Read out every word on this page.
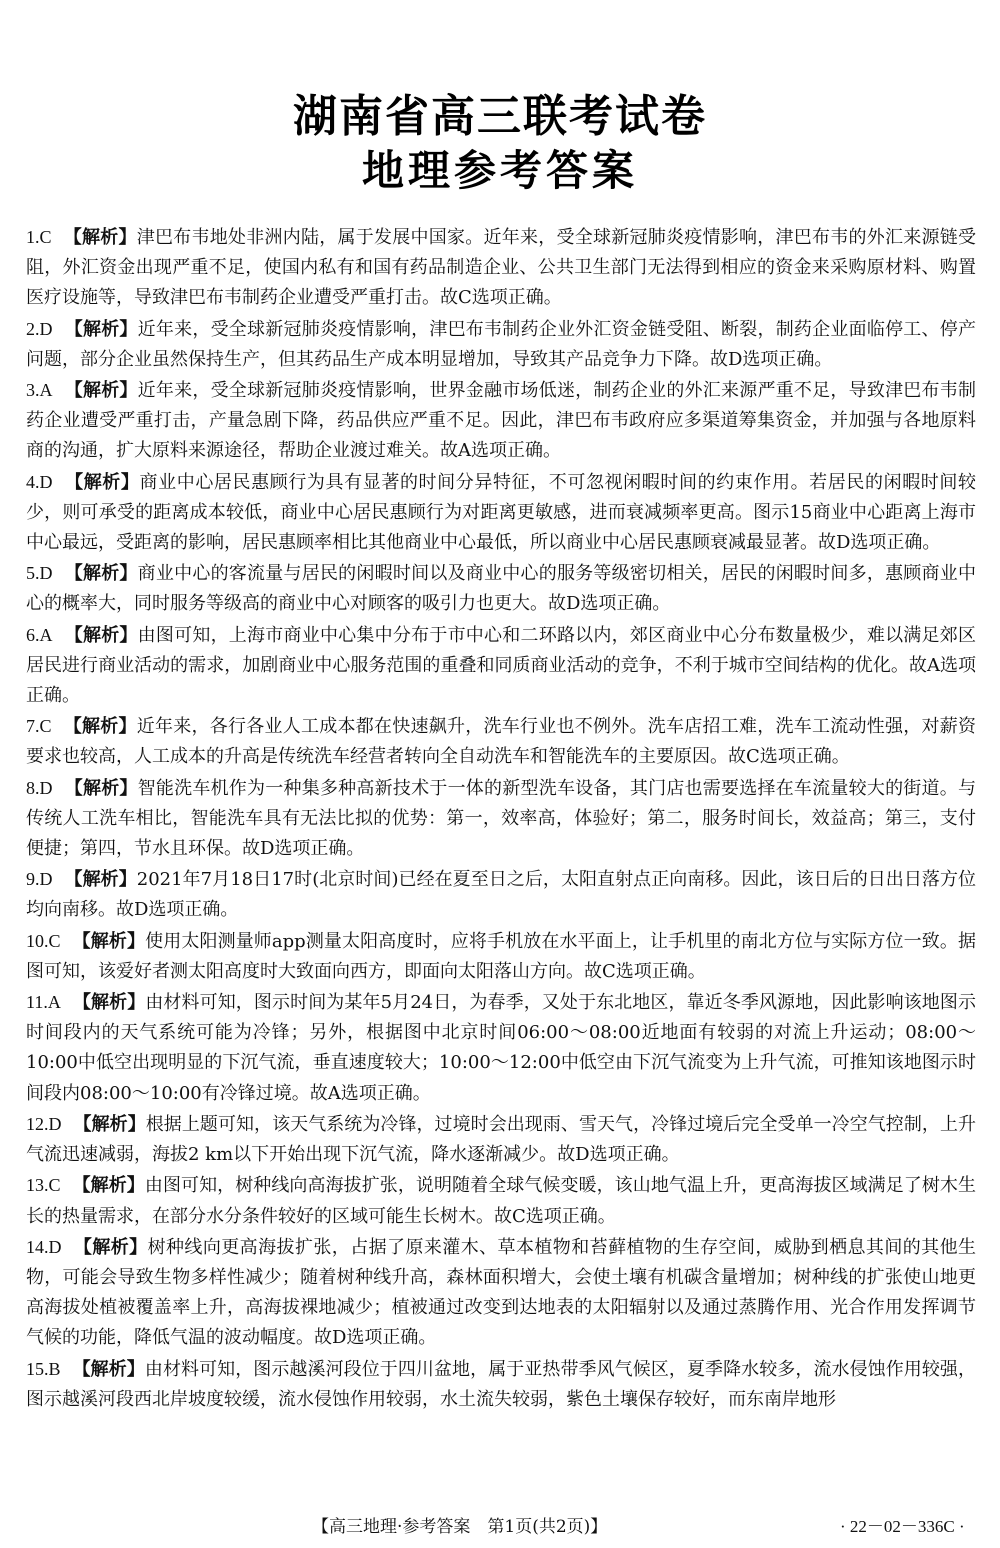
湖南省高三联考试卷
地理参考答案

1.C 【解析】津巴布韦地处非洲内陆，属于发展中国家。近年来，受全球新冠肺炎疫情影响，津巴布韦的外汇来源链受阻，外汇资金出现严重不足，使国内私有和国有药品制造企业、公共卫生部门无法得到相应的资金来采购原材料、购置医疗设施等，导致津巴布韦制药企业遭受严重打击。故C选项正确。

2.D 【解析】近年来，受全球新冠肺炎疫情影响，津巴布韦制药企业外汇资金链受阻、断裂，制药企业面临停工、停产问题，部分企业虽然保持生产，但其药品生产成本明显增加，导致其产品竞争力下降。故D选项正确。

3.A 【解析】近年来，受全球新冠肺炎疫情影响，世界金融市场低迷，制药企业的外汇来源严重不足，导致津巴布韦制药企业遭受严重打击，产量急剧下降，药品供应严重不足。因此，津巴布韦政府应多渠道筹集资金，并加强与各地原料商的沟通，扩大原料来源途径，帮助企业渡过难关。故A选项正确。

4.D 【解析】商业中心居民惠顾行为具有显著的时间分异特征，不可忽视闲暇时间的约束作用。若居民的闲暇时间较少，则可承受的距离成本较低，商业中心居民惠顾行为对距离更敏感，进而衰减频率更高。图示15商业中心距离上海市中心最远，受距离的影响，居民惠顾率相比其他商业中心最低，所以商业中心居民惠顾衰减最显著。故D选项正确。

5.D 【解析】商业中心的客流量与居民的闲暇时间以及商业中心的服务等级密切相关，居民的闲暇时间多，惠顾商业中心的概率大，同时服务等级高的商业中心对顾客的吸引力也更大。故D选项正确。

6.A 【解析】由图可知，上海市商业中心集中分布于市中心和二环路以内，郊区商业中心分布数量极少，难以满足郊区居民进行商业活动的需求，加剧商业中心服务范围的重叠和同质商业活动的竞争，不利于城市空间结构的优化。故A选项正确。

7.C 【解析】近年来，各行各业人工成本都在快速飙升，洗车行业也不例外。洗车店招工难，洗车工流动性强，对薪资要求也较高，人工成本的升高是传统洗车经营者转向全自动洗车和智能洗车的主要原因。故C选项正确。

8.D 【解析】智能洗车机作为一种集多种高新技术于一体的新型洗车设备，其门店也需要选择在车流量较大的街道。与传统人工洗车相比，智能洗车具有无法比拟的优势：第一，效率高，体验好；第二，服务时间长，效益高；第三，支付便捷；第四，节水且环保。故D选项正确。

9.D 【解析】2021年7月18日17时(北京时间)已经在夏至日之后，太阳直射点正向南移。因此，该日后的日出日落方位均向南移。故D选项正确。

10.C 【解析】使用太阳测量师app测量太阳高度时，应将手机放在水平面上，让手机里的南北方位与实际方位一致。据图可知，该爱好者测太阳高度时大致面向西方，即面向太阳落山方向。故C选项正确。

11.A 【解析】由材料可知，图示时间为某年5月24日，为春季，又处于东北地区，靠近冬季风源地，因此影响该地图示时间段内的天气系统可能为冷锋；另外，根据图中北京时间06:00～08:00近地面有较弱的对流上升运动；08:00～10:00中低空出现明显的下沉气流，垂直速度较大；10:00～12:00中低空由下沉气流变为上升气流，可推知该地图示时间段内08:00～10:00有冷锋过境。故A选项正确。

12.D 【解析】根据上题可知，该天气系统为冷锋，过境时会出现雨、雪天气，冷锋过境后完全受单一冷空气控制，上升气流迅速减弱，海拔2 km以下开始出现下沉气流，降水逐渐减少。故D选项正确。

13.C 【解析】由图可知，树种线向高海拔扩张，说明随着全球气候变暖，该山地气温上升，更高海拔区域满足了树木生长的热量需求，在部分水分条件较好的区域可能生长树木。故C选项正确。

14.D 【解析】树种线向更高海拔扩张，占据了原来灌木、草本植物和苔藓植物的生存空间，威胁到栖息其间的其他生物，可能会导致生物多样性减少；随着树种线升高，森林面积增大，会使土壤有机碳含量增加；树种线的扩张使山地更高海拔处植被覆盖率上升，高海拔裸地减少；植被通过改变到达地表的太阳辐射以及通过蒸腾作用、光合作用发挥调节气候的功能，降低气温的波动幅度。故D选项正确。

15.B 【解析】由材料可知，图示越溪河段位于四川盆地，属于亚热带季风气候区，夏季降水较多，流水侵蚀作用较强，图示越溪河段西北岸坡度较缓，流水侵蚀作用较弱，水土流失较弱，紫色土壤保存较好，而东南岸地形

【高三地理·参考答案　第1页(共2页)】	· 22－02－336C ·
